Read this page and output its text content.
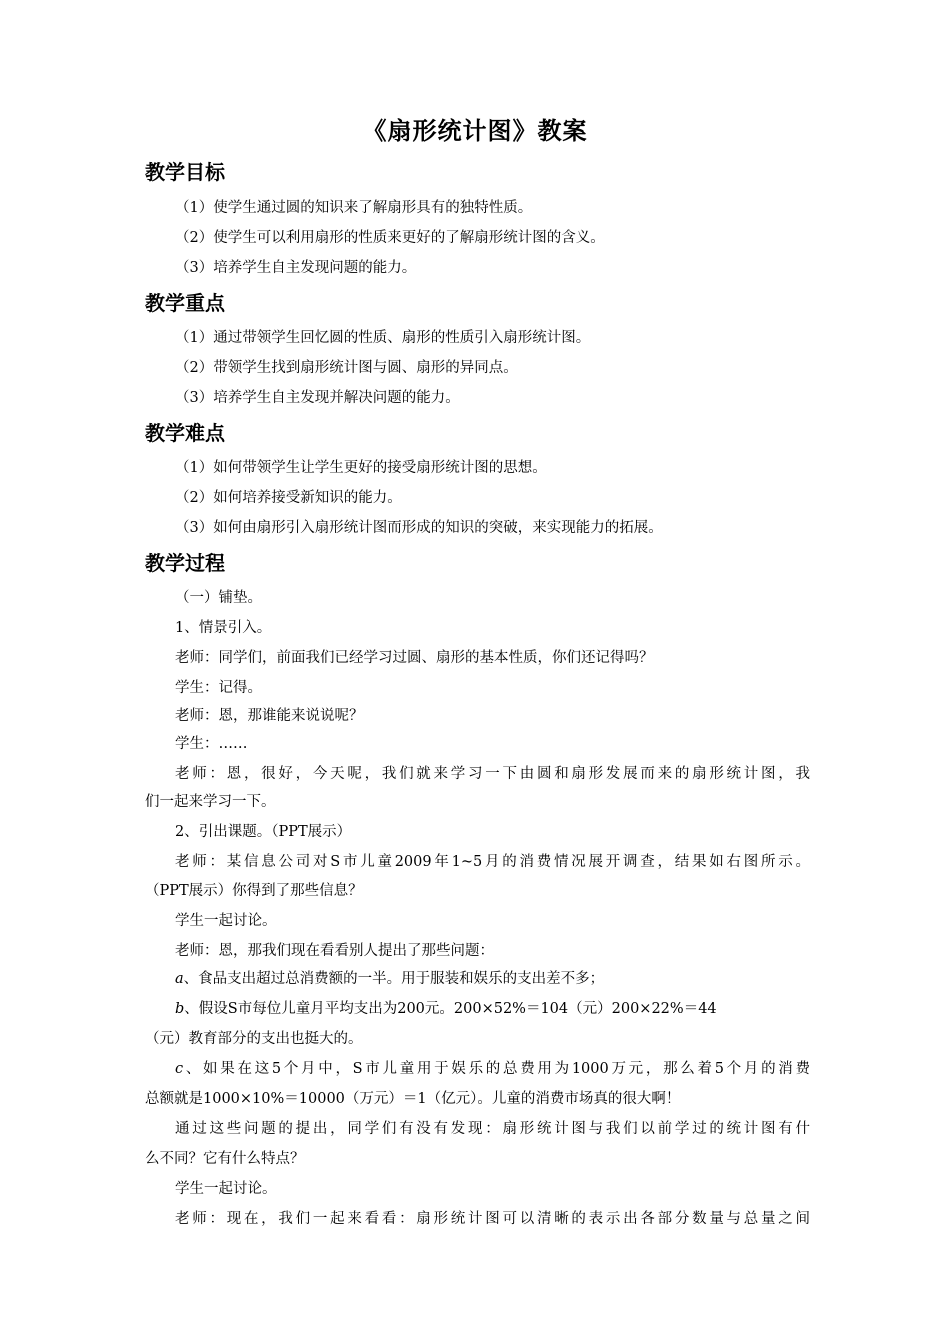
《扇形统计图》教案
教学目标
（1）使学生通过圆的知识来了解扇形具有的独特性质。
（2）使学生可以利用扇形的性质来更好的了解扇形统计图的含义。
（3）培养学生自主发现问题的能力。
教学重点
（1）通过带领学生回忆圆的性质、扇形的性质引入扇形统计图。
（2）带领学生找到扇形统计图与圆、扇形的异同点。
（3）培养学生自主发现并解决问题的能力。
教学难点
（1）如何带领学生让学生更好的接受扇形统计图的思想。
（2）如何培养接受新知识的能力。
（3）如何由扇形引入扇形统计图而形成的知识的突破，来实现能力的拓展。
教学过程
（一）铺垫。
1、情景引入。
老师：同学们，前面我们已经学习过圆、扇形的基本性质，你们还记得吗？
学生：记得。
老师：恩，那谁能来说说呢？
学生：……
老师：恩，很好，今天呢，我们就来学习一下由圆和扇形发展而来的扇形统计图，我
们一起来学习一下。
2、引出课题。（PPT展示）
老师：某信息公司对S市儿童2009年1~5月的消费情况展开调查，结果如右图所示。
（PPT展示）你得到了那些信息？
学生一起讨论。
老师：恩，那我们现在看看别人提出了那些问题：
a、食品支出超过总消费额的一半。用于服装和娱乐的支出差不多；
b、假设S市每位儿童月平均支出为200元。200×52%＝104（元）200×22%＝44
（元）教育部分的支出也挺大的。
c、如果在这5个月中，S市儿童用于娱乐的总费用为1000万元，那么着5个月的消费
总额就是1000×10%＝10000（万元）＝1（亿元）。儿童的消费市场真的很大啊！
通过这些问题的提出，同学们有没有发现：扇形统计图与我们以前学过的统计图有什
么不同？它有什么特点？
学生一起讨论。
老师：现在，我们一起来看看：扇形统计图可以清晰的表示出各部分数量与总量之间
